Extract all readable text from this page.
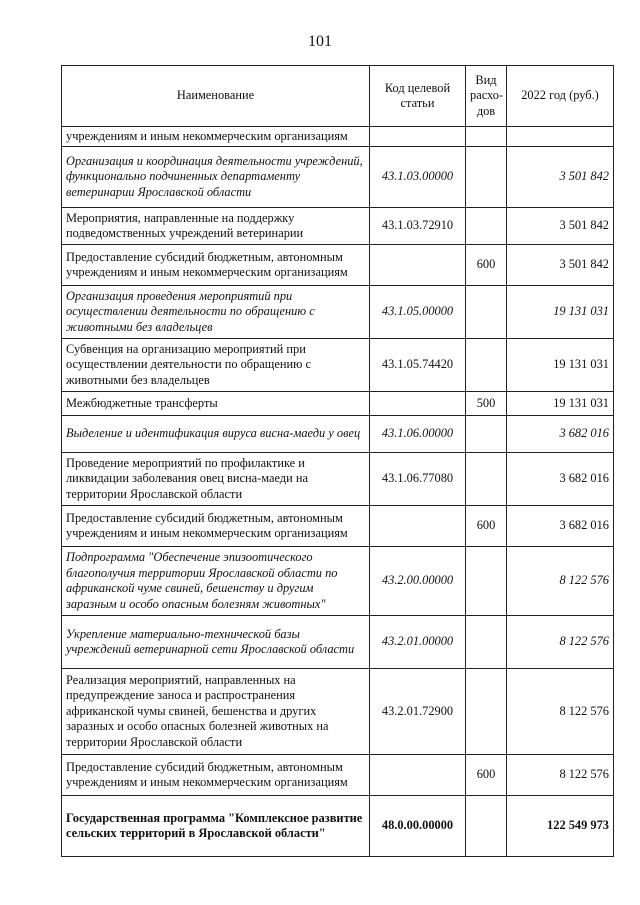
101
Наименование	Код целевой статьи	Вид расхо-дов	2022 год (руб.)
учреждениям и иным некоммерческим организациям			
Организация и координация деятельности учреждений, функционально подчиненных департаменту ветеринарии Ярославской области	43.1.03.00000		3 501 842
Мероприятия, направленные на поддержку подведомственных учреждений ветеринарии	43.1.03.72910		3 501 842
Предоставление субсидий бюджетным, автономным учреждениям и иным некоммерческим организациям		600	3 501 842
Организация проведения мероприятий при осуществлении деятельности по обращению с животными без владельцев	43.1.05.00000		19 131 031
Субвенция на организацию мероприятий при осуществлении деятельности по обращению с животными без владельцев	43.1.05.74420		19 131 031
Межбюджетные трансферты		500	19 131 031
Выделение и идентификация вируса висна-маеди у овец	43.1.06.00000		3 682 016
Проведение мероприятий по профилактике и ликвидации заболевания овец висна-маеди на территории Ярославской области	43.1.06.77080		3 682 016
Предоставление субсидий бюджетным, автономным учреждениям и иным некоммерческим организациям		600	3 682 016
Подпрограмма "Обеспечение эпизоотического благополучия территории Ярославской области по африканской чуме свиней, бешенству и другим заразным и особо опасным болезням животных"	43.2.00.00000		8 122 576
Укрепление материально-технической базы учреждений ветеринарной сети Ярославской области	43.2.01.00000		8 122 576
Реализация мероприятий, направленных на предупреждение заноса и распространения африканской чумы свиней, бешенства и других заразных и особо опасных болезней животных на территории Ярославской области	43.2.01.72900		8 122 576
Предоставление субсидий бюджетным, автономным учреждениям и иным некоммерческим организациям		600	8 122 576
Государственная программа "Комплексное развитие сельских территорий в Ярославской области"	48.0.00.00000		122 549 973
